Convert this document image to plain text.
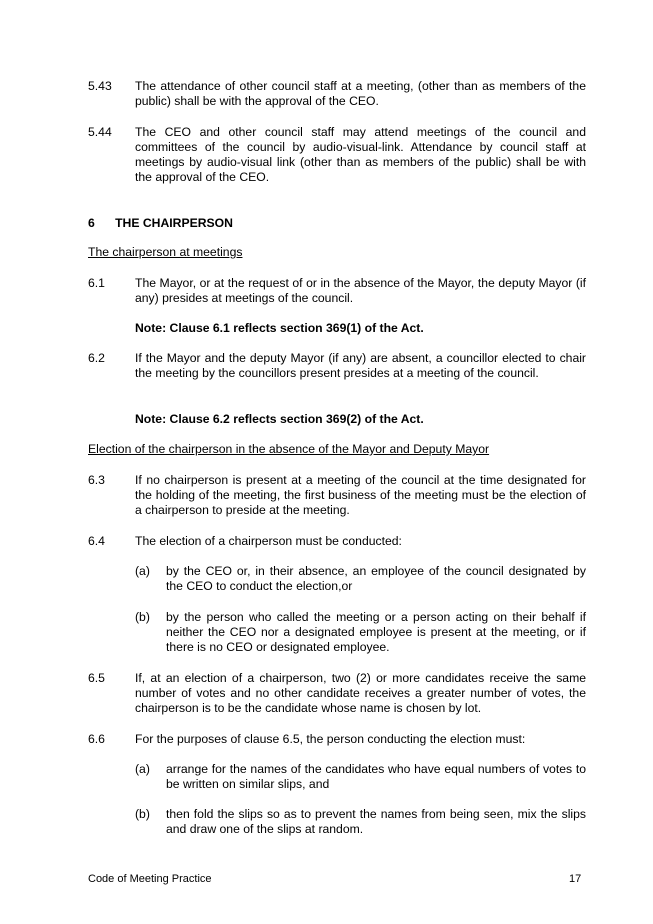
5.43 The attendance of other council staff at a meeting, (other than as members of the public) shall be with the approval of the CEO.
5.44 The CEO and other council staff may attend meetings of the council and committees of the council by audio-visual-link. Attendance by council staff at meetings by audio-visual link (other than as members of the public) shall be with the approval of the CEO.
6      THE CHAIRPERSON
The chairperson at meetings
6.1 The Mayor, or at the request of or in the absence of the Mayor, the deputy Mayor (if any) presides at meetings of the council.
Note: Clause 6.1 reflects section 369(1) of the Act.
6.2 If the Mayor and the deputy Mayor (if any) are absent, a councillor elected to chair the meeting by the councillors present presides at a meeting of the council.
Note: Clause 6.2 reflects section 369(2) of the Act.
Election of the chairperson in the absence of the Mayor and Deputy Mayor
6.3 If no chairperson is present at a meeting of the council at the time designated for the holding of the meeting, the first business of the meeting must be the election of a chairperson to preside at the meeting.
6.4 The election of a chairperson must be conducted:
(a) by the CEO or, in their absence, an employee of the council designated by the CEO to conduct the election,or
(b) by the person who called the meeting or a person acting on their behalf if neither the CEO nor a designated employee is present at the meeting, or if there is no CEO or designated employee.
6.5 If, at an election of a chairperson, two (2) or more candidates receive the same number of votes and no other candidate receives a greater number of votes, the chairperson is to be the candidate whose name is chosen by lot.
6.6 For the purposes of clause 6.5, the person conducting the election must:
(a) arrange for the names of the candidates who have equal numbers of votes to be written on similar slips, and
(b) then fold the slips so as to prevent the names from being seen, mix the slips and draw one of the slips at random.
Code of Meeting Practice	17
